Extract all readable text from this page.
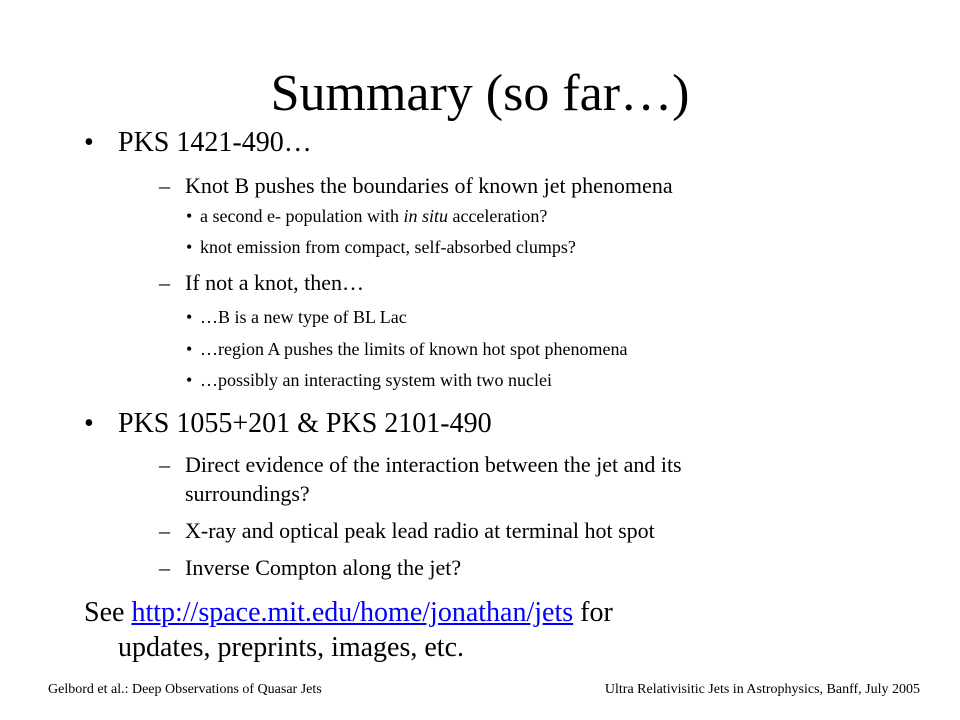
Summary (so far…)
• PKS 1421-490…
– Knot B pushes the boundaries of known jet phenomena
• a second e- population with in situ acceleration?
• knot emission from compact, self-absorbed clumps?
– If not a knot, then…
• …B is a new type of BL Lac
• …region A pushes the limits of known hot spot phenomena
• …possibly an interacting system with two nuclei
• PKS 1055+201 & PKS 2101-490
– Direct evidence of the interaction between the jet and its
surroundings?
– X-ray and optical peak lead radio at terminal hot spot
– Inverse Compton along the jet?
See http://space.mit.edu/home/jonathan/jets for
updates, preprints, images, etc.
Gelbord et al.: Deep Observations of Quasar Jets	Ultra Relativisitic Jets in Astrophysics, Banff, July 2005
